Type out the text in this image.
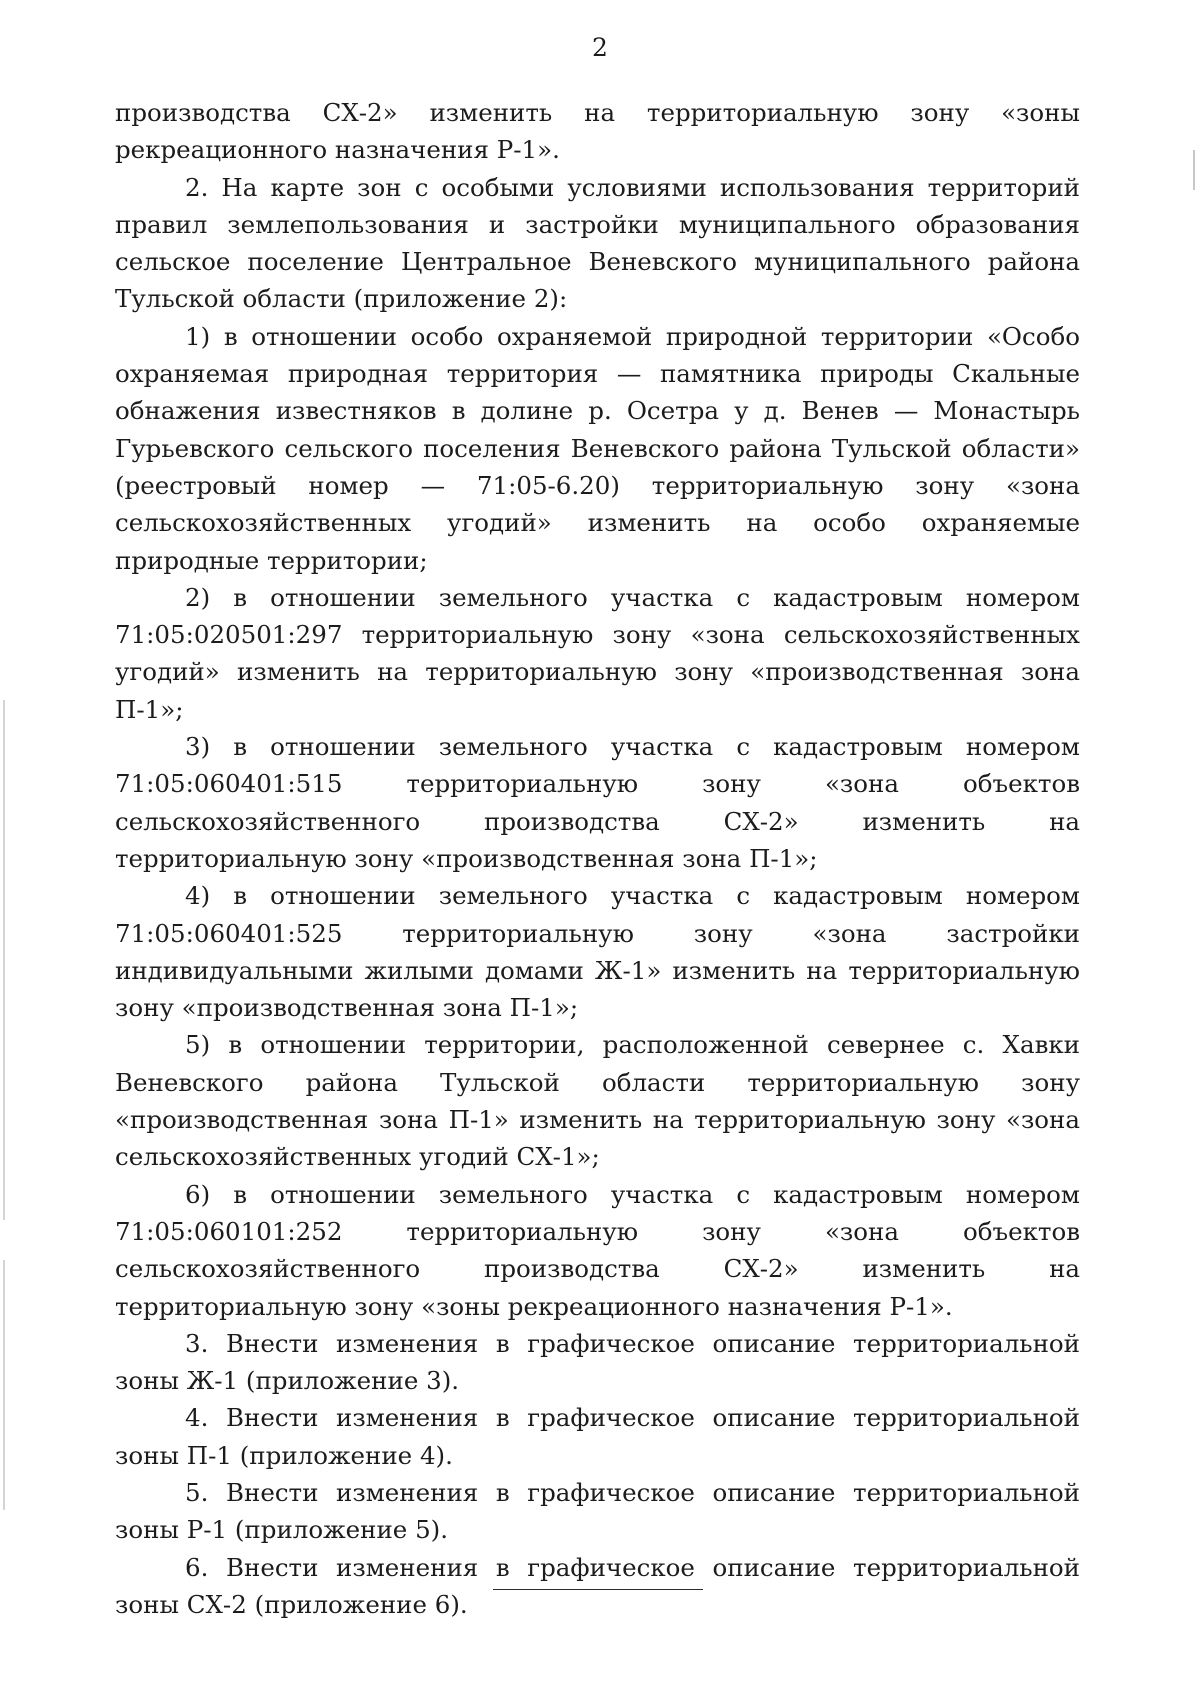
2

производства СХ-2» изменить на территориальную зону «зоны рекреационного назначения Р-1».

2. На карте зон с особыми условиями использования территорий правил землепользования и застройки муниципального образования сельское поселение Центральное Веневского муниципального района Тульской области (приложение 2):

1) в отношении особо охраняемой природной территории «Особо охраняемая природная территория — памятника природы Скальные обнажения известняков в долине р. Осетра у д. Венев — Монастырь Гурьевского сельского поселения Веневского района Тульской области» (реестровый номер — 71:05-6.20) территориальную зону «зона сельскохозяйственных угодий» изменить на особо охраняемые природные территории;

2) в отношении земельного участка с кадастровым номером 71:05:020501:297 территориальную зону «зона сельскохозяйственных угодий» изменить на территориальную зону «производственная зона П-1»;

3) в отношении земельного участка с кадастровым номером 71:05:060401:515 территориальную зону «зона объектов сельскохозяйственного производства СХ-2» изменить на территориальную зону «производственная зона П-1»;

4) в отношении земельного участка с кадастровым номером 71:05:060401:525 территориальную зону «зона застройки индивидуальными жилыми домами Ж-1» изменить на территориальную зону «производственная зона П-1»;

5) в отношении территории, расположенной севернее с. Хавки Веневского района Тульской области территориальную зону «производственная зона П-1» изменить на территориальную зону «зона сельскохозяйственных угодий СХ-1»;

6) в отношении земельного участка с кадастровым номером 71:05:060101:252 территориальную зону «зона объектов сельскохозяйственного производства СХ-2» изменить на территориальную зону «зоны рекреационного назначения Р-1».

3. Внести изменения в графическое описание территориальной зоны Ж-1 (приложение 3).

4. Внести изменения в графическое описание территориальной зоны П-1 (приложение 4).

5. Внести изменения в графическое описание территориальной зоны Р-1 (приложение 5).

6. Внести изменения в графическое описание территориальной зоны СХ-2 (приложение 6).
